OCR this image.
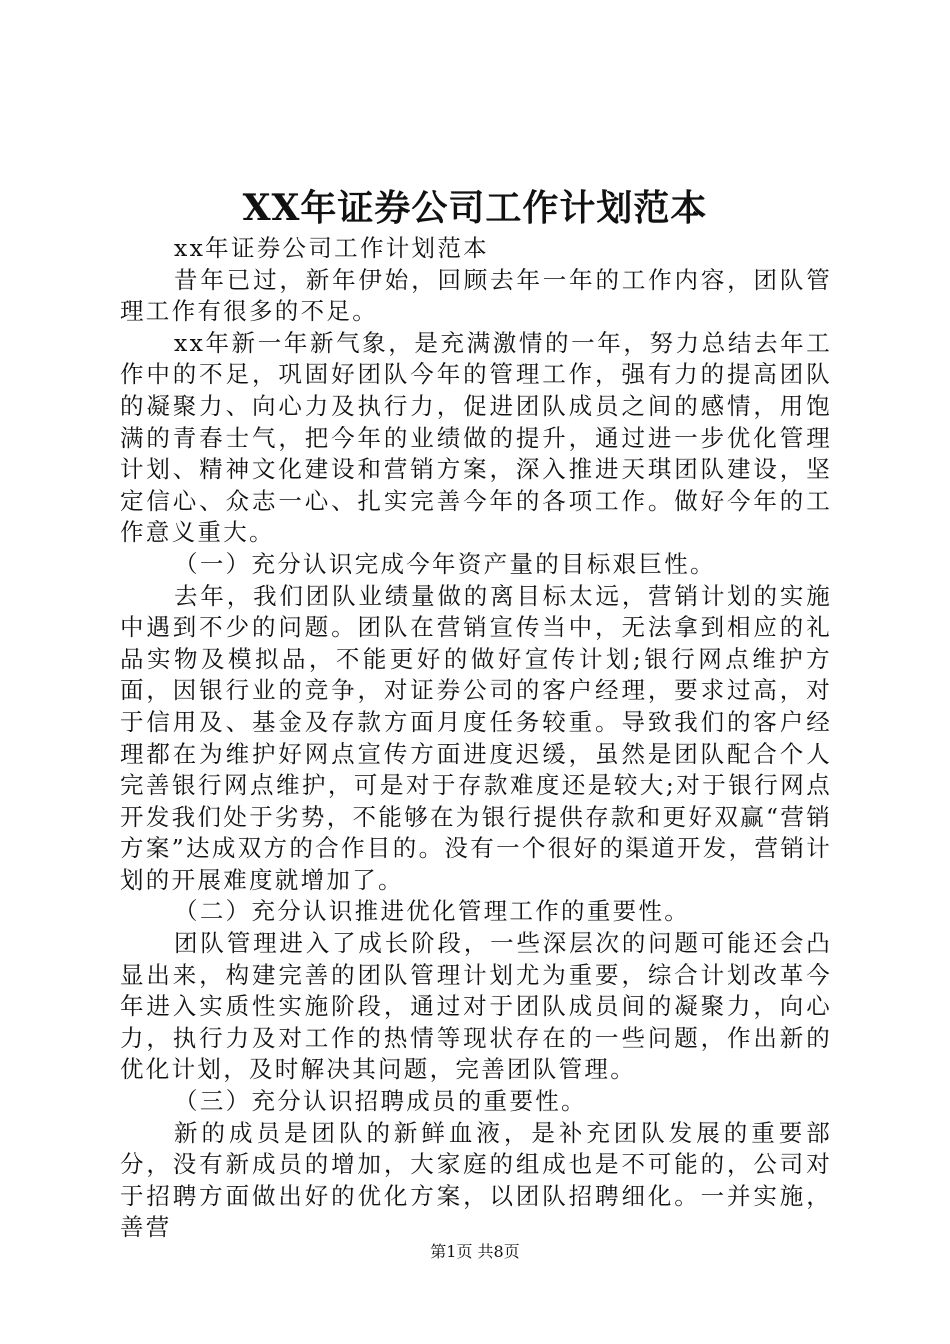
XX年证券公司工作计划范本

xx年证券公司工作计划范本

昔年已过，新年伊始，回顾去年一年的工作内容，团队管理工作有很多的不足。

xx年新一年新气象，是充满激情的一年，努力总结去年工作中的不足，巩固好团队今年的管理工作，强有力的提高团队的凝聚力、向心力及执行力，促进团队成员之间的感情，用饱满的青春士气，把今年的业绩做的提升，通过进一步优化管理计划、精神文化建设和营销方案，深入推进天琪团队建设，坚定信心、众志一心、扎实完善今年的各项工作。做好今年的工作意义重大。

（一）充分认识完成今年资产量的目标艰巨性。

去年，我们团队业绩量做的离目标太远，营销计划的实施中遇到不少的问题。团队在营销宣传当中，无法拿到相应的礼品实物及模拟品，不能更好的做好宣传计划;银行网点维护方面，因银行业的竞争，对证券公司的客户经理，要求过高，对于信用及、基金及存款方面月度任务较重。导致我们的客户经理都在为维护好网点宣传方面进度迟缓，虽然是团队配合个人完善银行网点维护，可是对于存款难度还是较大;对于银行网点开发我们处于劣势，不能够在为银行提供存款和更好双赢“营销方案”达成双方的合作目的。没有一个很好的渠道开发，营销计划的开展难度就增加了。

（二）充分认识推进优化管理工作的重要性。

团队管理进入了成长阶段，一些深层次的问题可能还会凸显出来，构建完善的团队管理计划尤为重要，综合计划改革今年进入实质性实施阶段，通过对于团队成员间的凝聚力，向心力，执行力及对工作的热情等现状存在的一些问题，作出新的优化计划，及时解决其问题，完善团队管理。

（三）充分认识招聘成员的重要性。

新的成员是团队的新鲜血液，是补充团队发展的重要部分，没有新成员的增加，大家庭的组成也是不可能的，公司对于招聘方面做出好的优化方案，以团队招聘细化。一并实施，善营

第1页 共8页
